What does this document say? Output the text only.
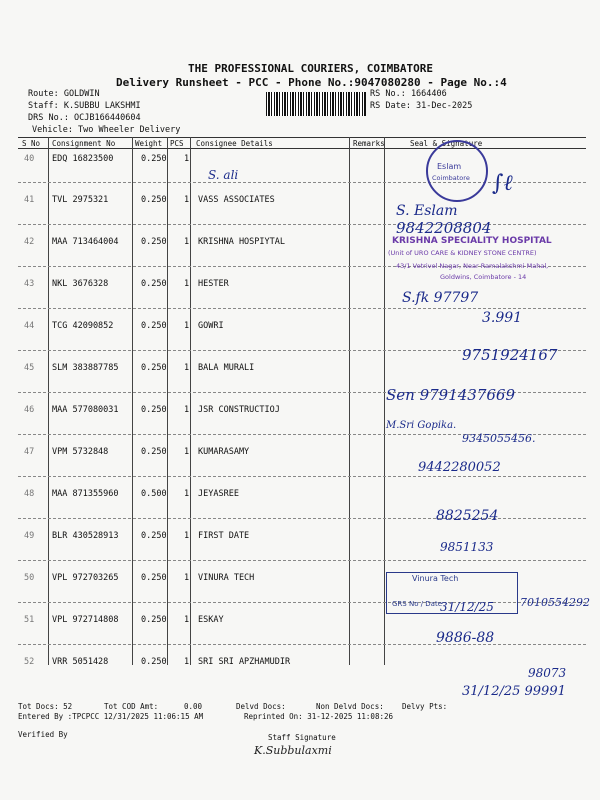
THE PROFESSIONAL COURIERS, COIMBATORE
Delivery Runsheet - PCC - Phone No.:9047080280 - Page No.:4
Route: GOLDWIN
Staff: K.SUBBU LAKSHMI
DRS No.: OCJB166440604
Vehicle: Two Wheeler Delivery
RS No.: 1664406
RS Date: 31-Dec-2025
S No Consignment No	Weight PCS Consignee Details	Remarks	Seal & Signature
40 EDQ 16823500	0.250 1
41 TVL 2975321	0.250 1 VASS ASSOCIATES
42 MAA 713464004	0.250 1 KRISHNA HOSPIYTAL
43 NKL 3676328	0.250 1 HESTER
44 TCG 42090852	0.250 1 GOWRI
45 SLM 383887785	0.250 1 BALA MURALI
46 MAA 577080031	0.250 1 JSR CONSTRUCTIOJ
47 VPM 5732848	0.250 1 KUMARASAMY
48 MAA 871355960	0.500 1 JEYASREE
49 BLR 430528913	0.250 1 FIRST DATE
50 VPL 972703265	0.250 1 VINURA TECH
51 VPL 972714808	0.250 1 ESKAY
52 VRR 5051428	0.250 1 SRI SRI APZHAMUDIR
Eslam
Coimbatore
KRISHNA SPECIALITY HOSPITAL
(Unit of URO CARE & KIDNEY STONE CENTRE)
43/1 Vetrivel Nagar, Near Ramalakshmi Mahal,
Goldwins, Coimbatore - 14
Vinura Tech
GRS No / Date
S. ali	∫ℓ
S. Eslam
9842208804
S.fk 97797
3.991
9751924167
Sen 9791437669
M.Sri Gopika.
9345055456.
9442280052
8825254
9851133
7010554292
31/12/25
9886-88
98073
31/12/25 99991
Tot Docs: 52	Tot COD Amt:	0.00	Delvd Docs:	Non Delvd Docs: Delvy Pts:
Entered By :TPCPCC 12/31/2025 11:06:15 AM	Reprinted On: 31-12-2025 11:08:26
Verified By	Staff Signature
K.Subbulaxmi
